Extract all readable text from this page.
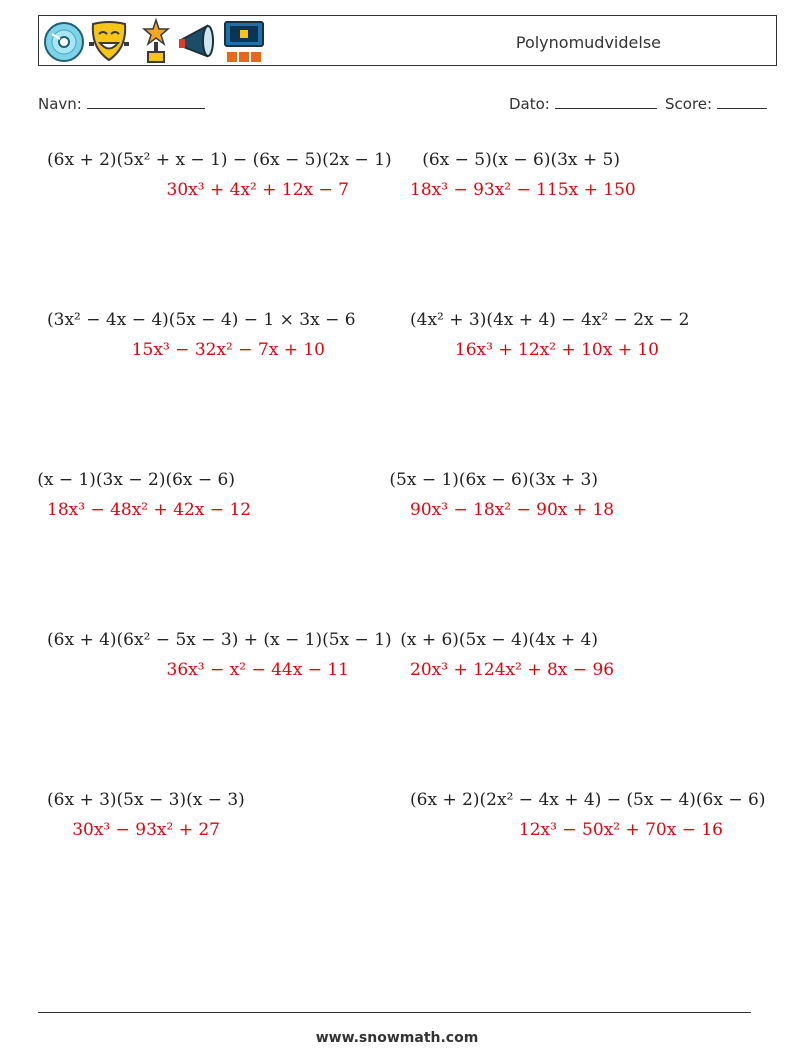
Polynomudvidelse
Navn:	Dato:	Score:
(6x + 2)(5x² + x − 1) − (6x − 5)(2x − 1)
30x³ + 4x² + 12x − 7
(6x − 5)(x − 6)(3x + 5)
18x³ − 93x² − 115x + 150
(3x² − 4x − 4)(5x − 4) − 1 × 3x − 6
15x³ − 32x² − 7x + 10
(4x² + 3)(4x + 4) − 4x² − 2x − 2
16x³ + 12x² + 10x + 10
(x − 1)(3x − 2)(6x − 6)
18x³ − 48x² + 42x − 12
(5x − 1)(6x − 6)(3x + 3)
90x³ − 18x² − 90x + 18
(6x + 4)(6x² − 5x − 3) + (x − 1)(5x − 1)
36x³ − x² − 44x − 11
(x + 6)(5x − 4)(4x + 4)
20x³ + 124x² + 8x − 96
(6x + 3)(5x − 3)(x − 3)
30x³ − 93x² + 27
(6x + 2)(2x² − 4x + 4) − (5x − 4)(6x − 6)
12x³ − 50x² + 70x − 16
www.snowmath.com
